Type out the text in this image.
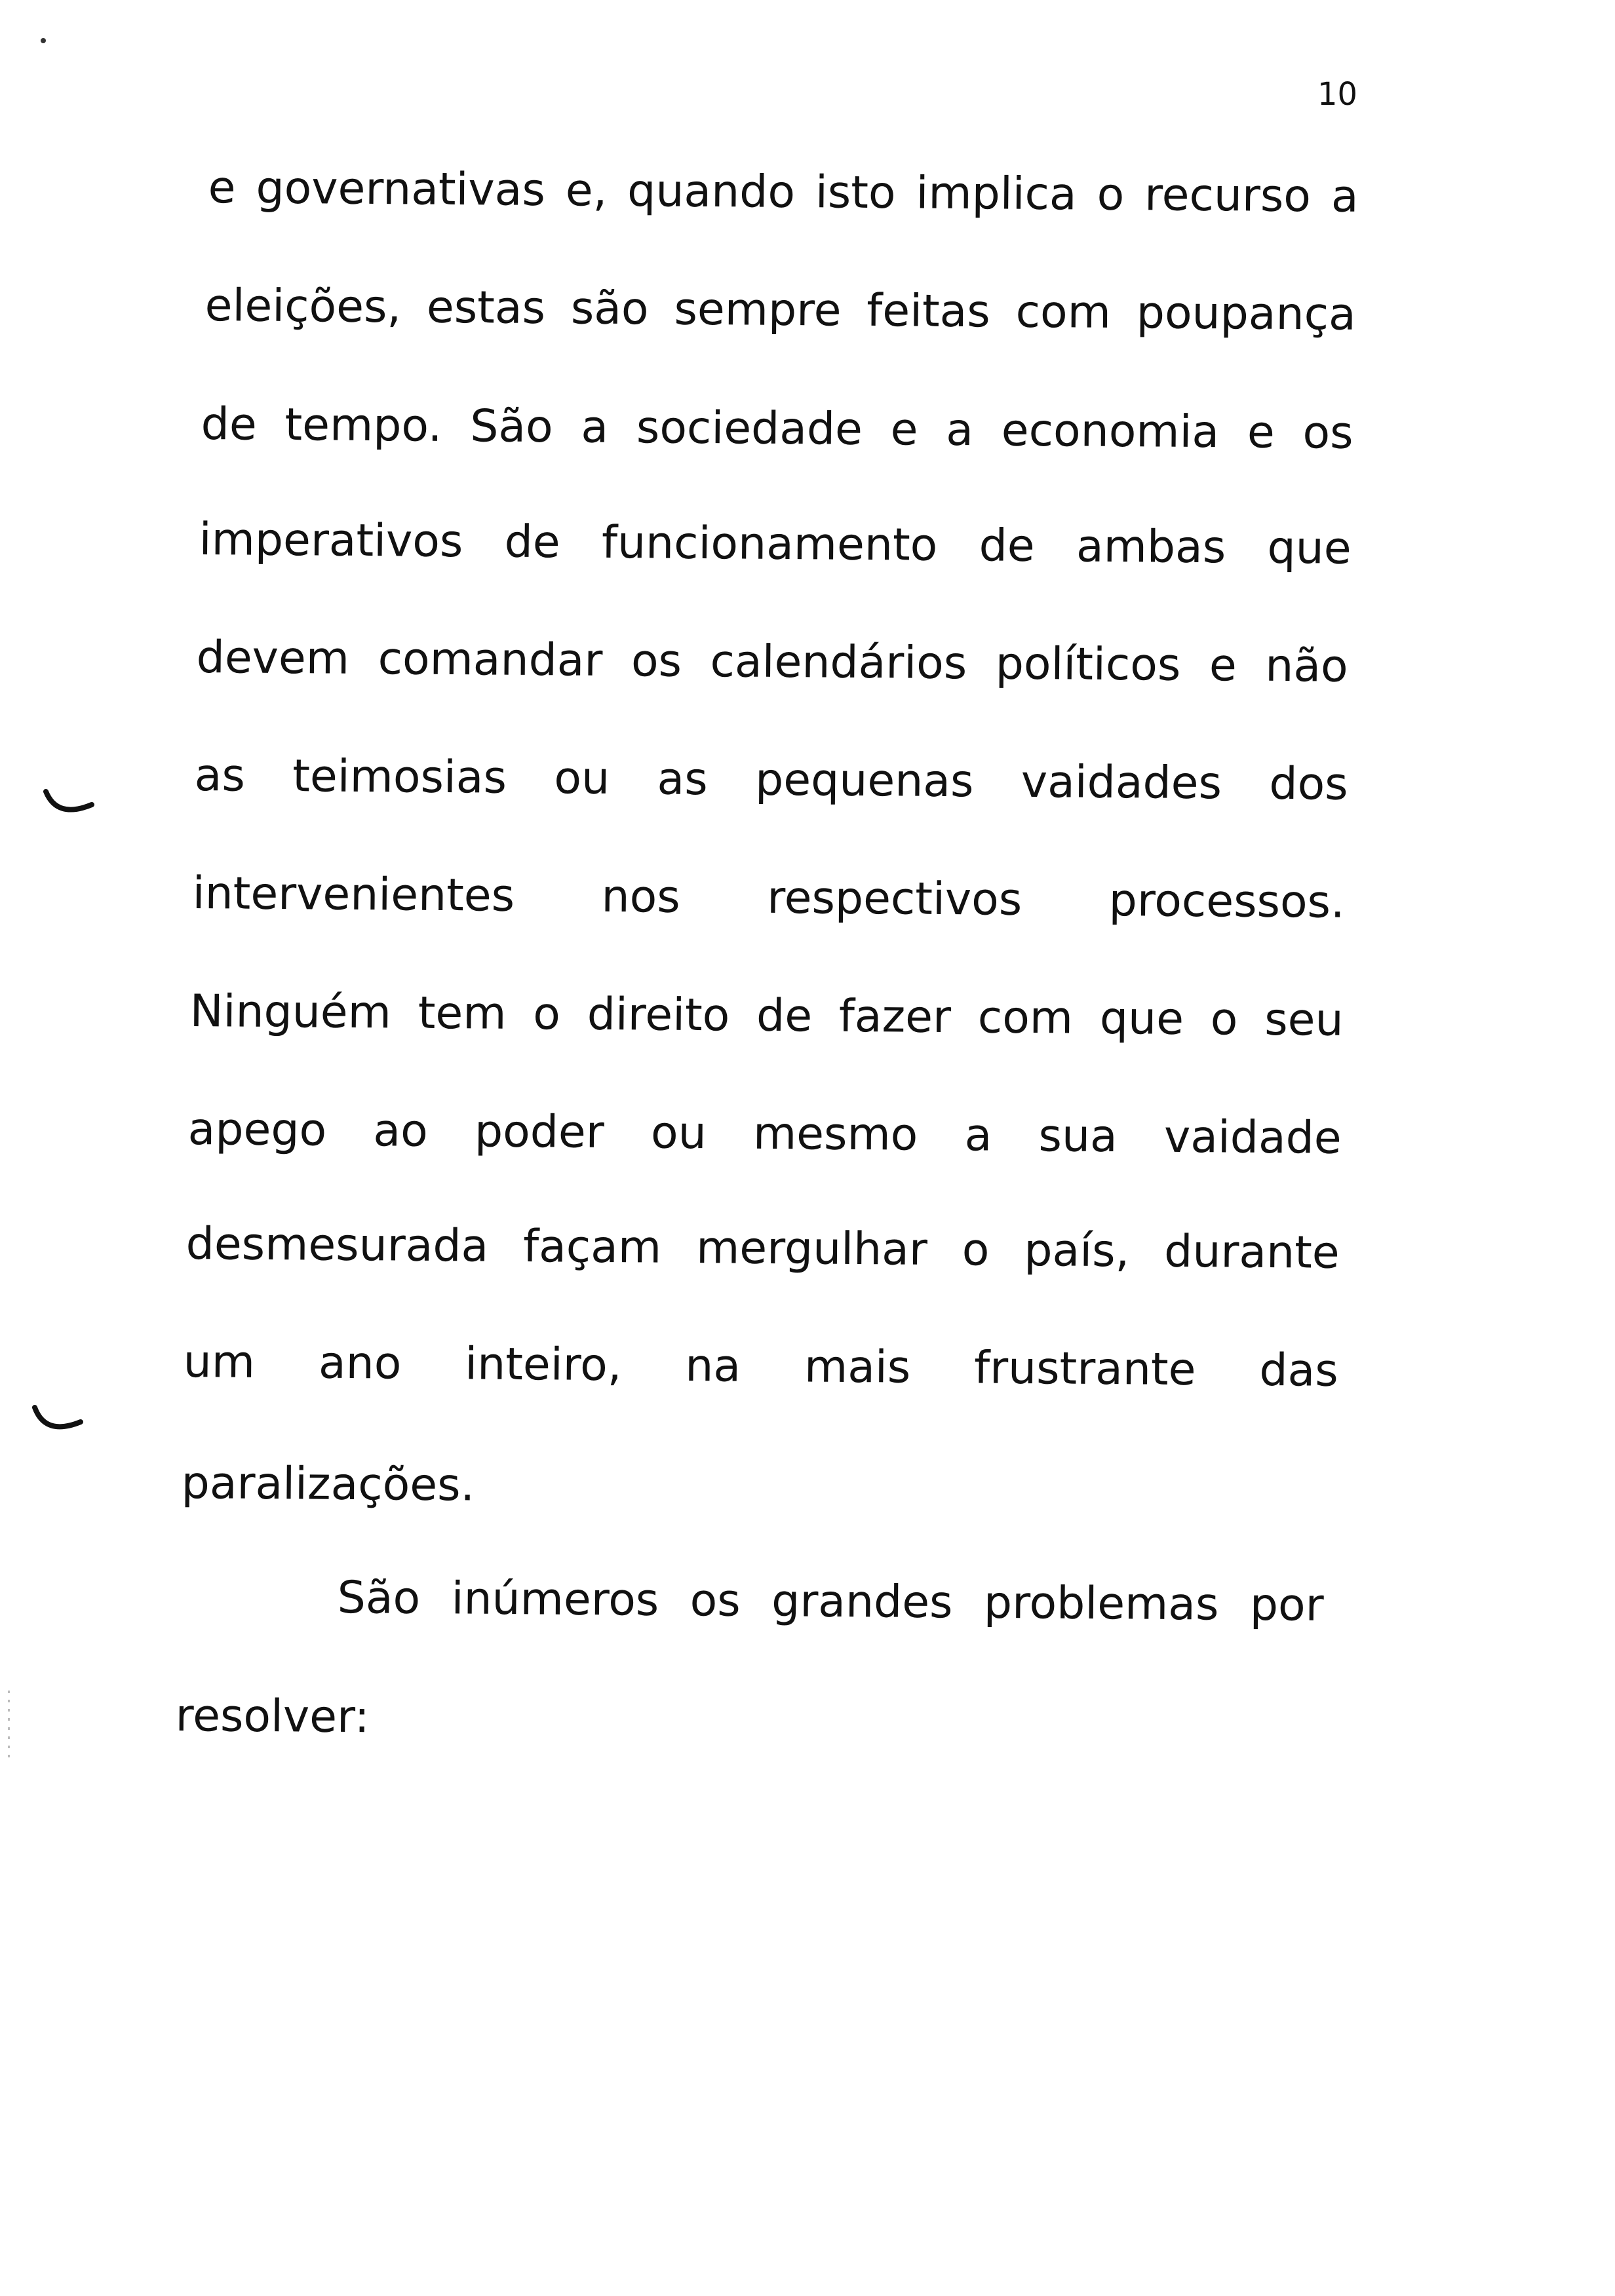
10
e governativas e, quando isto implica o recurso a
eleições, estas são sempre feitas com poupança
de tempo. São a sociedade e a economia e os
imperativos de funcionamento de ambas que
devem comandar os calendários políticos e não
as teimosias ou as pequenas vaidades dos
intervenientes nos respectivos processos.
Ninguém tem o direito de fazer com que o seu
apego ao poder ou mesmo a sua vaidade
desmesurada façam mergulhar o país, durante
um ano inteiro, na mais frustrante das
paralizações.
São inúmeros os grandes problemas por
resolver:
